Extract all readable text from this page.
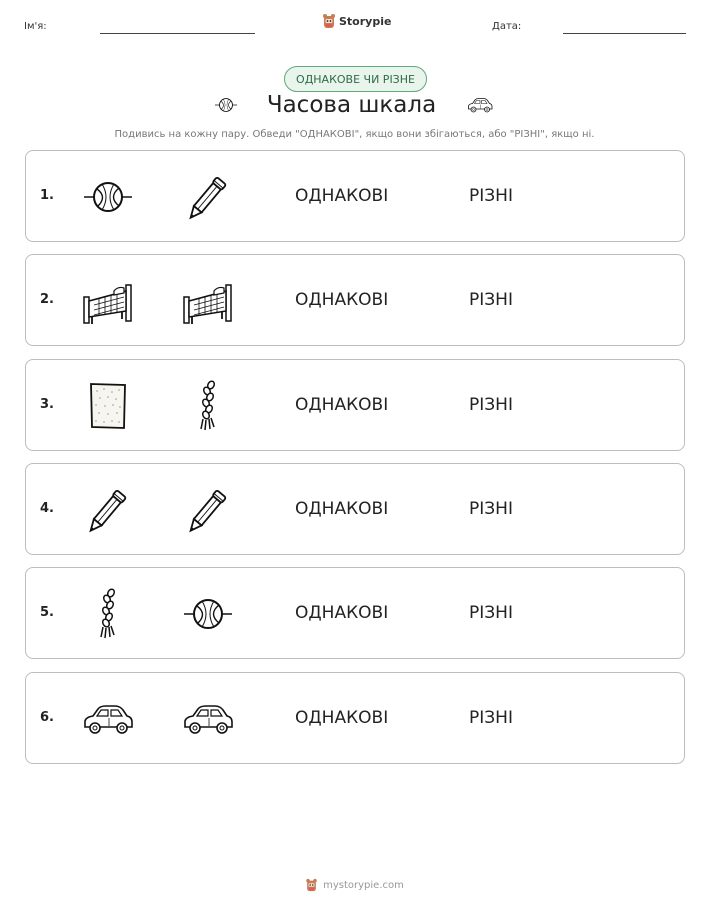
Ім'я:	Storypie	Дата:
ОДНАКОВЕ ЧИ РІЗНЕ
Часова шкала
Подивись на кожну пару. Обведи "ОДНАКОВІ", якщо вони збігаються, або "РІЗНІ", якщо ні.
1.	ОДНАКОВІ	РІЗНІ
2.	ОДНАКОВІ	РІЗНІ
3.	ОДНАКОВІ	РІЗНІ
4.	ОДНАКОВІ	РІЗНІ
5.	ОДНАКОВІ	РІЗНІ
6.	ОДНАКОВІ	РІЗНІ
mystorypie.com
